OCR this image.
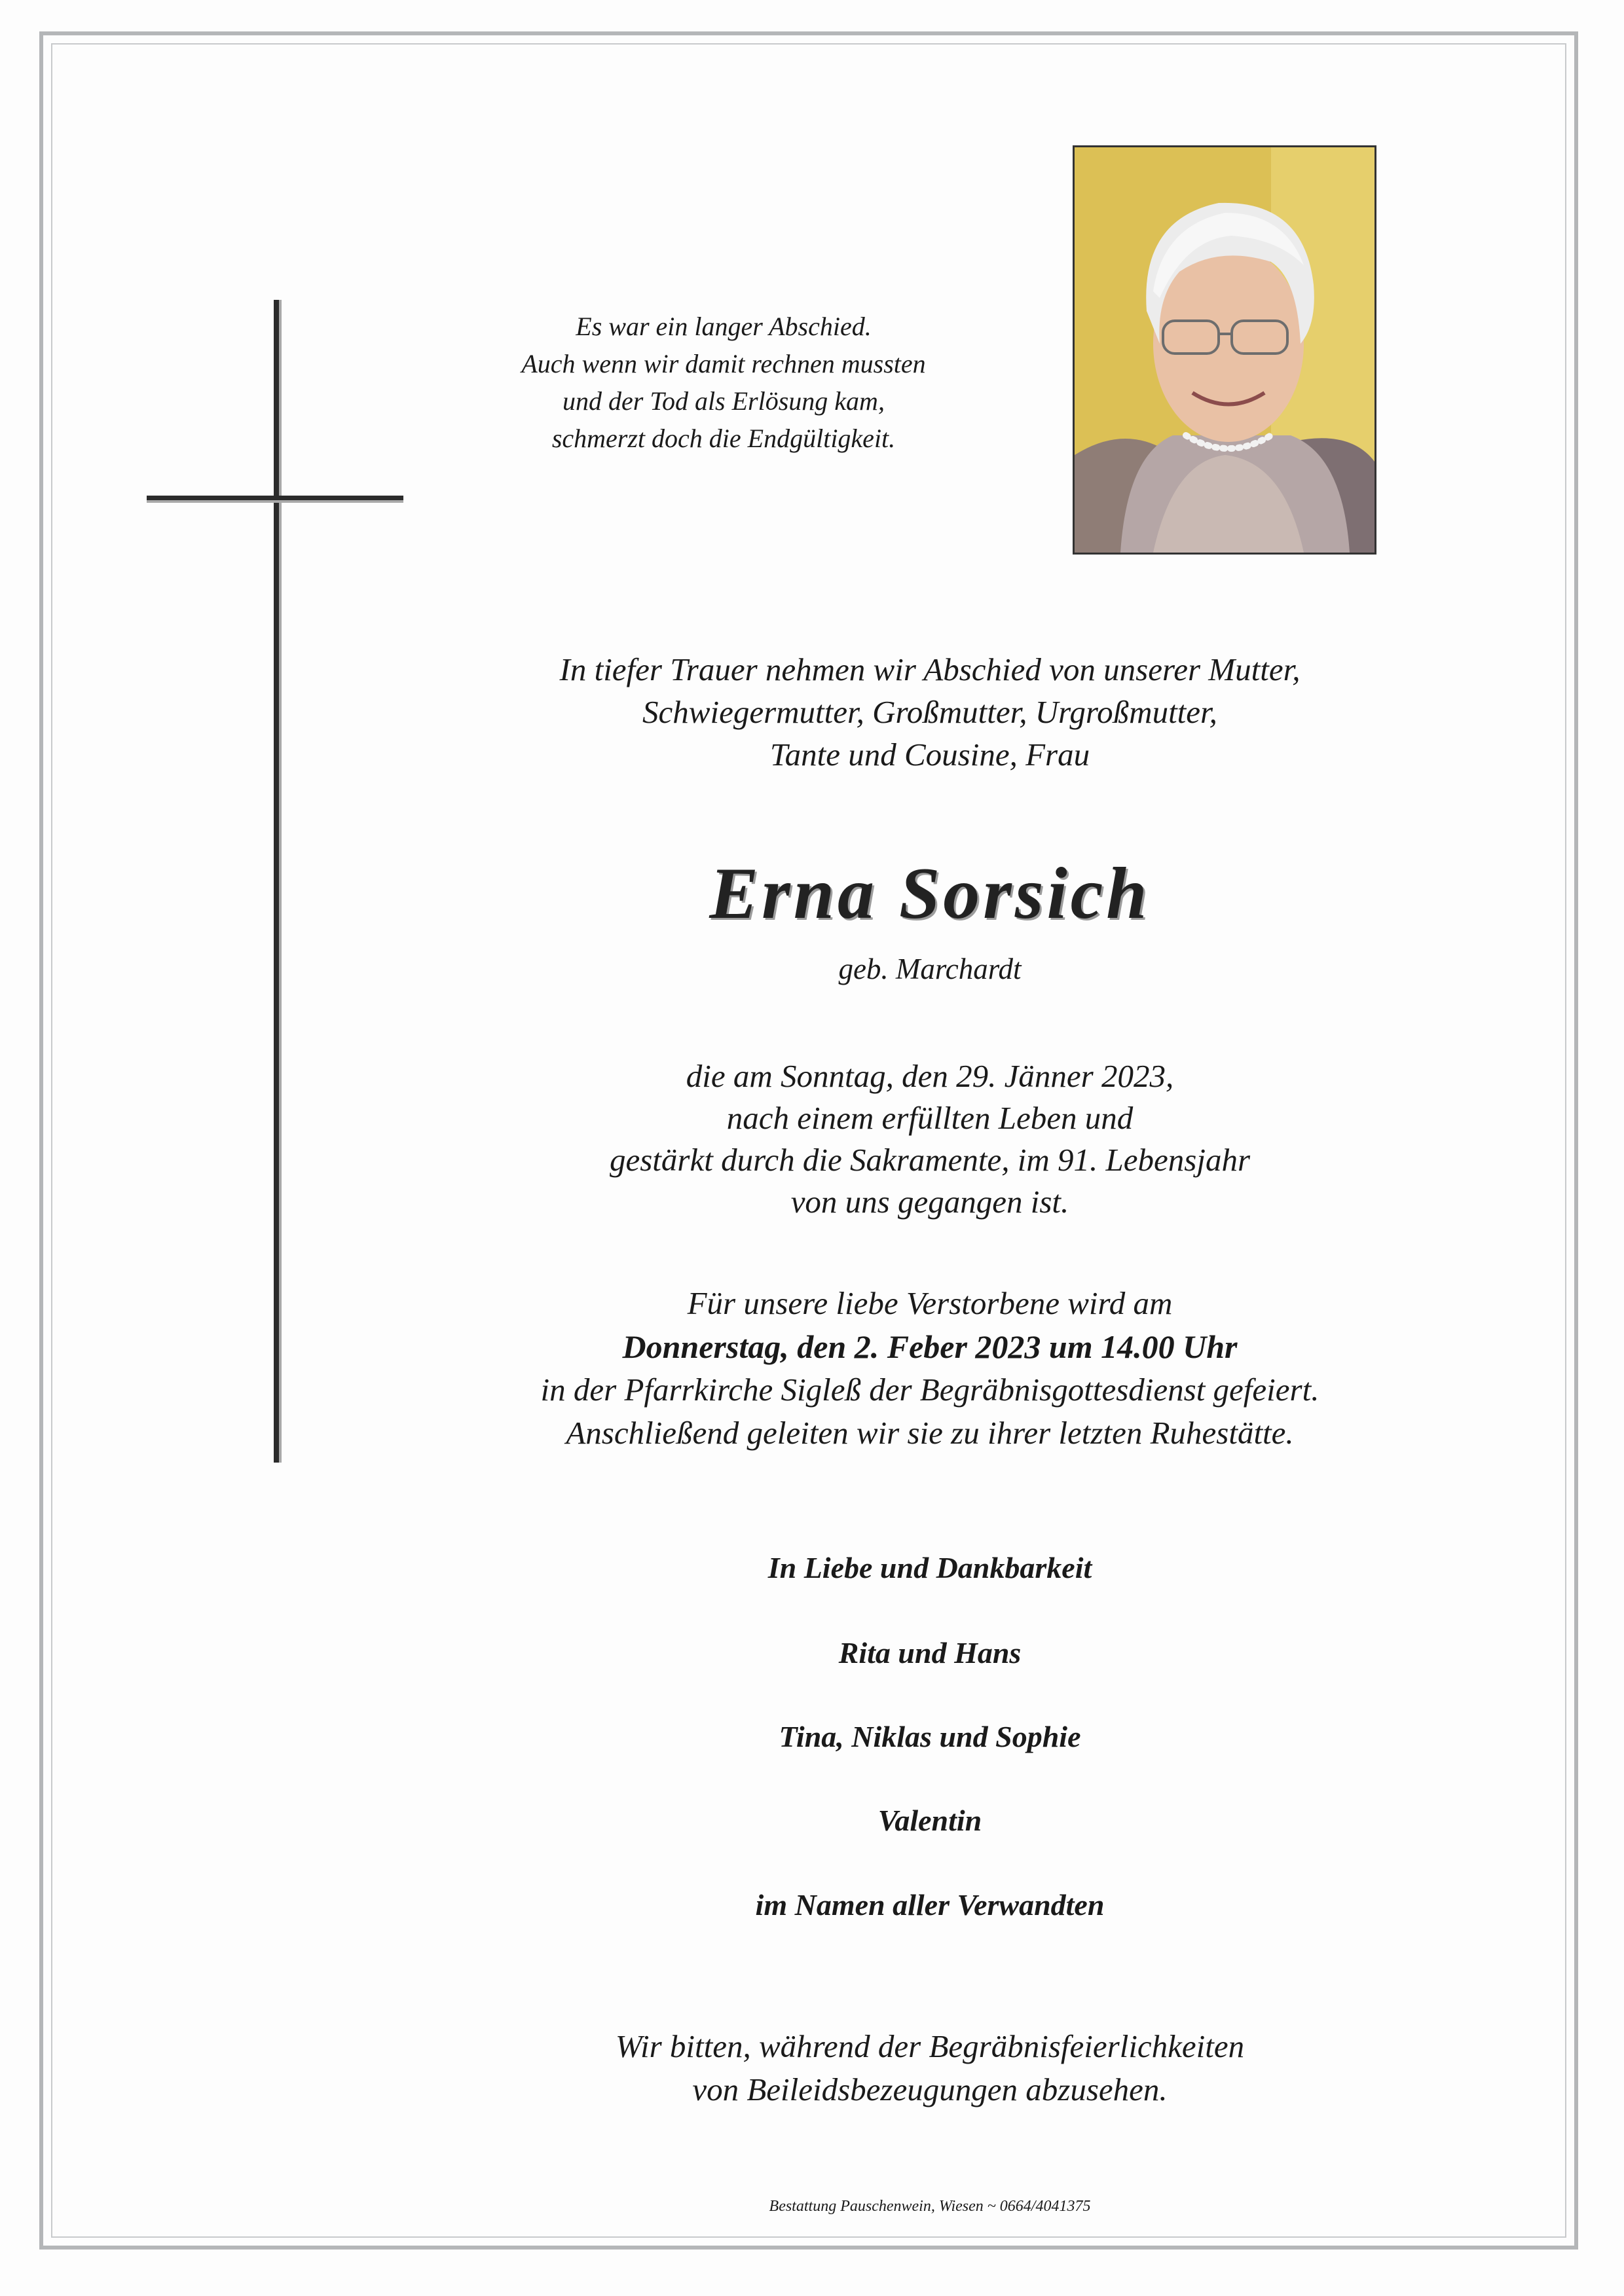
Es war ein langer Abschied.
Auch wenn wir damit rechnen mussten
und der Tod als Erlösung kam,
schmerzt doch die Endgültigkeit.
In tiefer Trauer nehmen wir Abschied von unserer Mutter,
Schwiegermutter, Großmutter, Urgroßmutter,
Tante und Cousine, Frau
Erna Sorsich
geb. Marchardt
die am Sonntag, den 29. Jänner 2023,
nach einem erfüllten Leben und
gestärkt durch die Sakramente, im 91. Lebensjahr
von uns gegangen ist.
Für unsere liebe Verstorbene wird am
Donnerstag, den 2. Feber 2023 um 14.00 Uhr
in der Pfarrkirche Sigleß der Begräbnisgottesdienst gefeiert.
Anschließend geleiten wir sie zu ihrer letzten Ruhestätte.
In Liebe und Dankbarkeit
Rita und Hans
Tina, Niklas und Sophie
Valentin
im Namen aller Verwandten
Wir bitten, während der Begräbnisfeierlichkeiten
von Beileidsbezeugungen abzusehen.
Bestattung Pauschenwein, Wiesen ~ 0664/4041375
